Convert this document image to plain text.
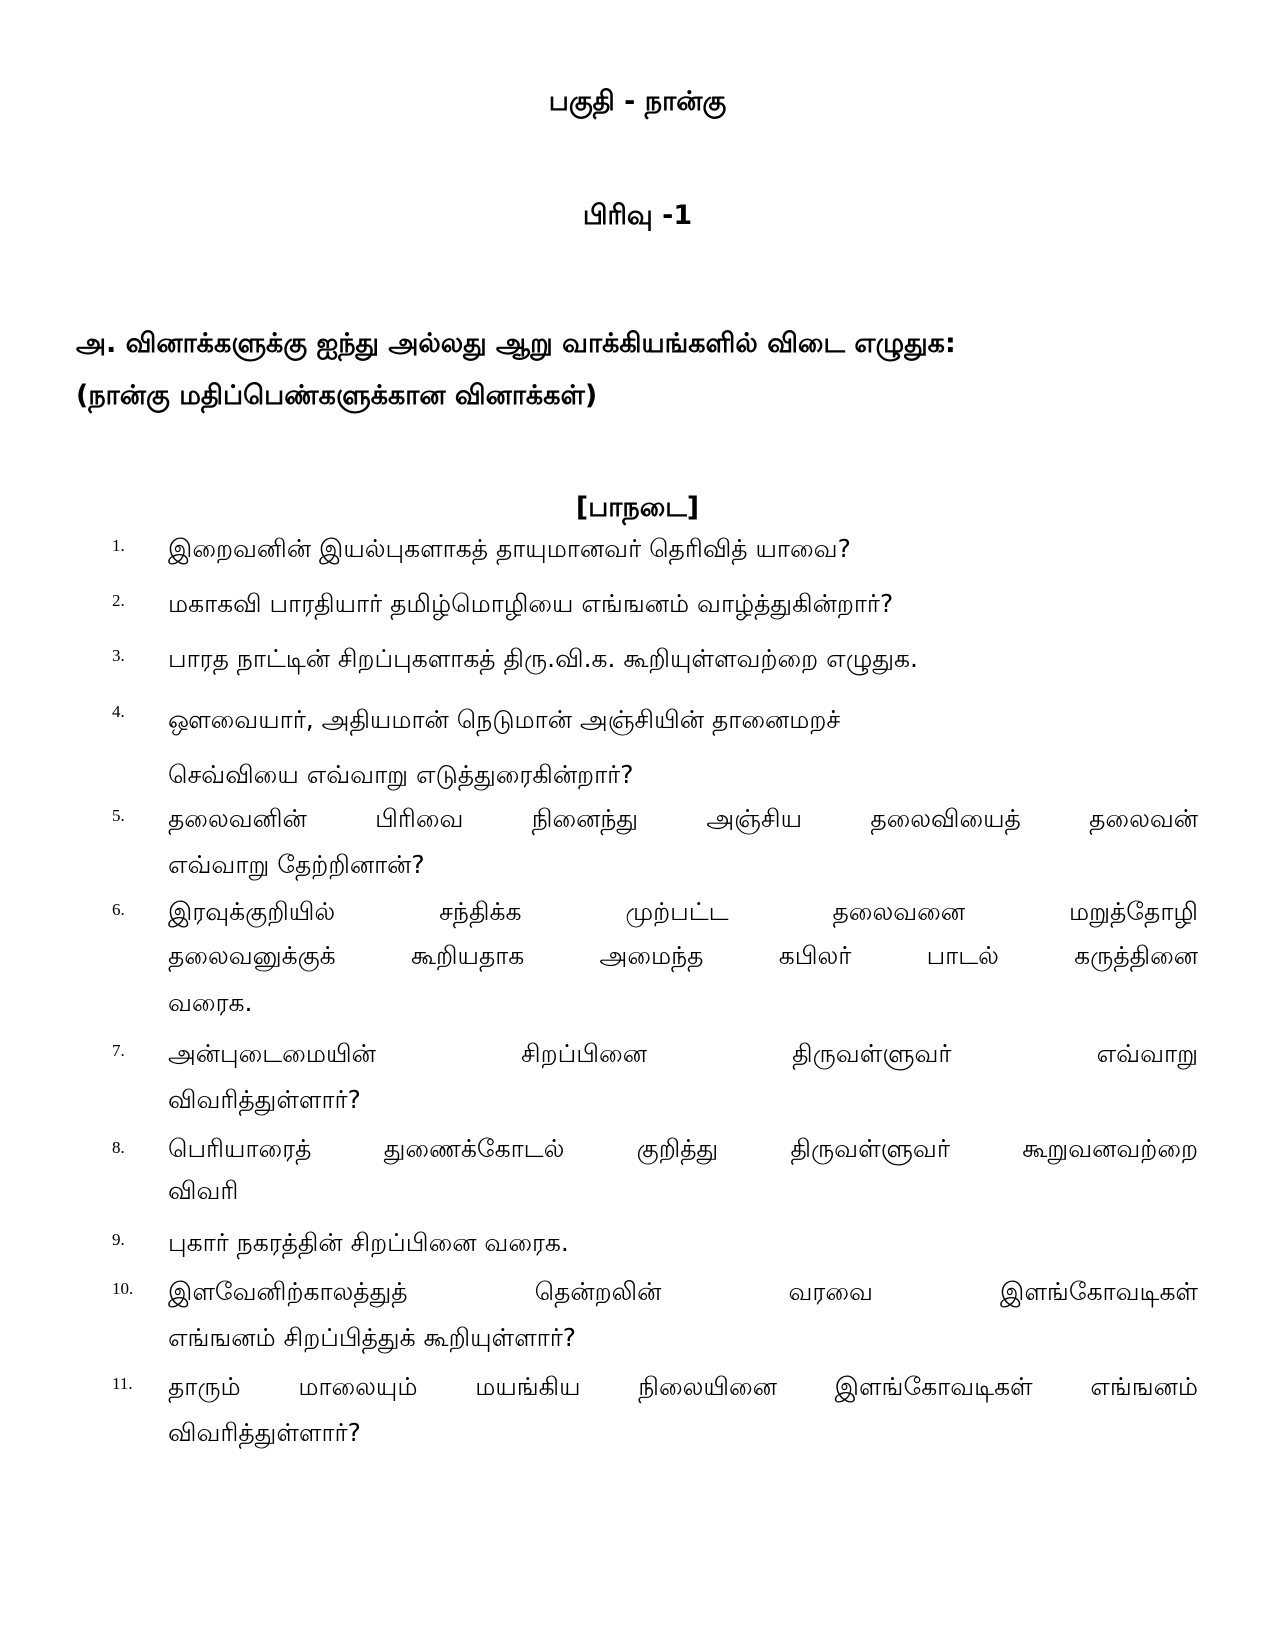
பகுதி - நான்கு
பிரிவு -1
அ. வினாக்களுக்கு ஐந்து அல்லது ஆறு வாக்கியங்களில் விடை எழுதுக:
(நான்கு மதிப்பெண்களுக்கான வினாக்கள்)
[பாநடை]
1.	இறைவனின் இயல்புகளாகத் தாயுமானவர் தெரிவித் யாவை?
2.	மகாகவி பாரதியார் தமிழ்மொழியை எங்ஙனம் வாழ்த்துகின்றார்?
3.	பாரத நாட்டின் சிறப்புகளாகத் திரு.வி.க. கூறியுள்ளவற்றை எழுதுக.
4.	ஔவையார், அதியமான் நெடுமான் அஞ்சியின் தானைமறச்
செவ்வியை எவ்வாறு எடுத்துரைகின்றார்?
5.	தலைவனின் பிரிவை நினைந்து அஞ்சிய தலைவியைத் தலைவன்
எவ்வாறு தேற்றினான்?
6.	இரவுக்குறியில் சந்திக்க முற்பட்ட தலைவனை மறுத்தோழி
தலைவனுக்குக் கூறியதாக அமைந்த கபிலர் பாடல் கருத்தினை
வரைக.
7.	அன்புடைமையின் சிறப்பினை திருவள்ளுவர் எவ்வாறு
விவரித்துள்ளார்?
8.	பெரியாரைத் துணைக்கோடல் குறித்து திருவள்ளுவர் கூறுவனவற்றை
விவரி
9.	புகார் நகரத்தின் சிறப்பினை வரைக.
10.	இளவேனிற்காலத்துத் தென்றலின் வரவை இளங்கோவடிகள்
எங்ஙனம் சிறப்பித்துக் கூறியுள்ளார்?
11.	தாரும் மாலையும் மயங்கிய நிலையினை இளங்கோவடிகள் எங்ஙனம்
விவரித்துள்ளார்?
